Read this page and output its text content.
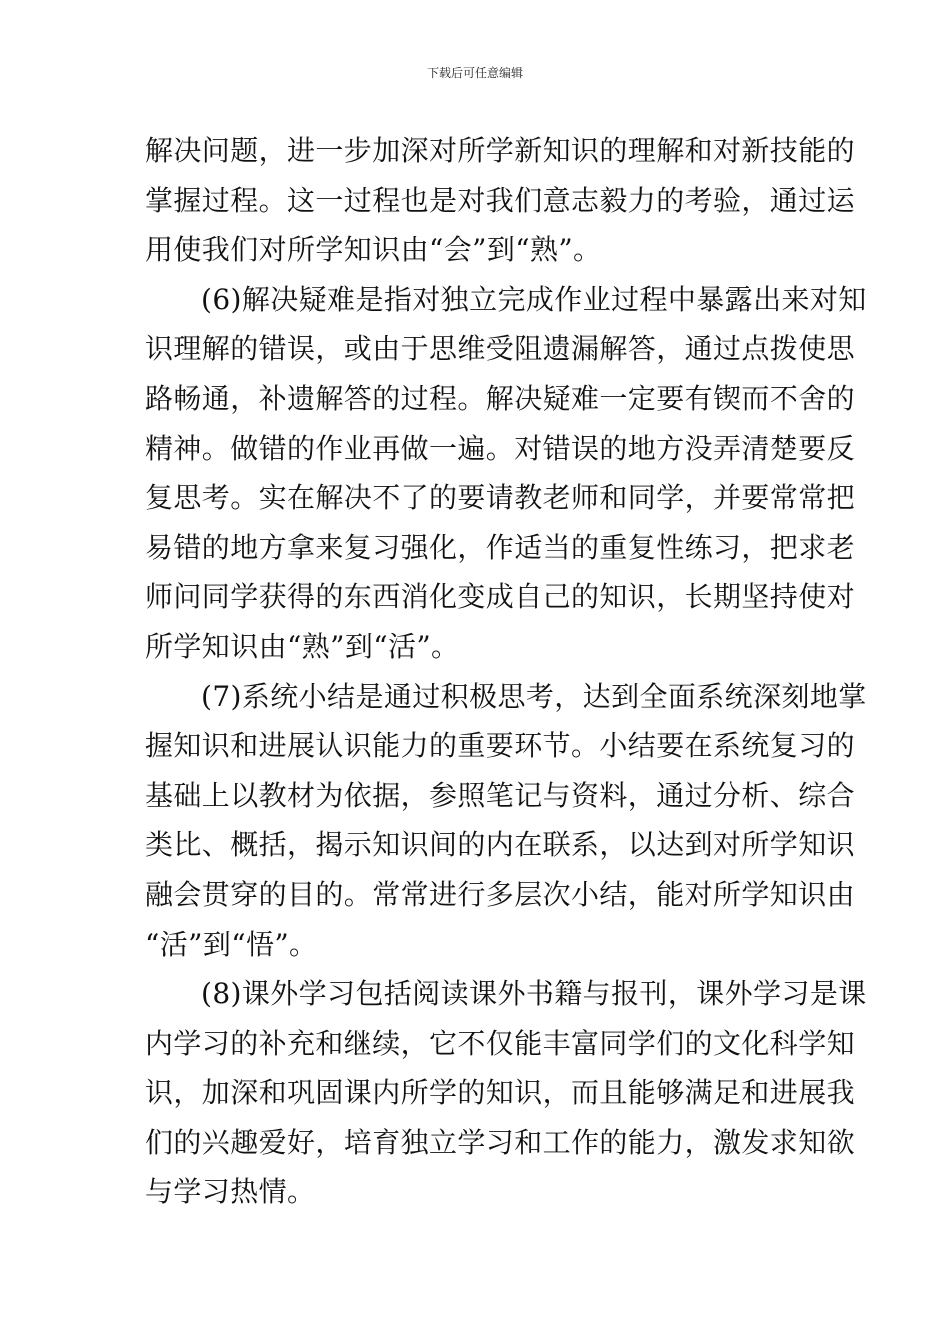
下载后可任意编辑
解决问题，进一步加深对所学新知识的理解和对新技能的
掌握过程。这一过程也是对我们意志毅力的考验，通过运
用使我们对所学知识由“会”到“熟”。
(6)解决疑难是指对独立完成作业过程中暴露出来对知
识理解的错误，或由于思维受阻遗漏解答，通过点拨使思
路畅通，补遗解答的过程。解决疑难一定要有锲而不舍的
精神。做错的作业再做一遍。对错误的地方没弄清楚要反
复思考。实在解决不了的要请教老师和同学，并要常常把
易错的地方拿来复习强化，作适当的重复性练习，把求老
师问同学获得的东西消化变成自己的知识，长期坚持使对
所学知识由“熟”到“活”。
(7)系统小结是通过积极思考，达到全面系统深刻地掌
握知识和进展认识能力的重要环节。小结要在系统复习的
基础上以教材为依据，参照笔记与资料，通过分析、综合
类比、概括，揭示知识间的内在联系，以达到对所学知识
融会贯穿的目的。常常进行多层次小结，能对所学知识由
“活”到“悟”。
(8)课外学习包括阅读课外书籍与报刊，课外学习是课
内学习的补充和继续，它不仅能丰富同学们的文化科学知
识，加深和巩固课内所学的知识，而且能够满足和进展我
们的兴趣爱好，培育独立学习和工作的能力，激发求知欲
与学习热情。
